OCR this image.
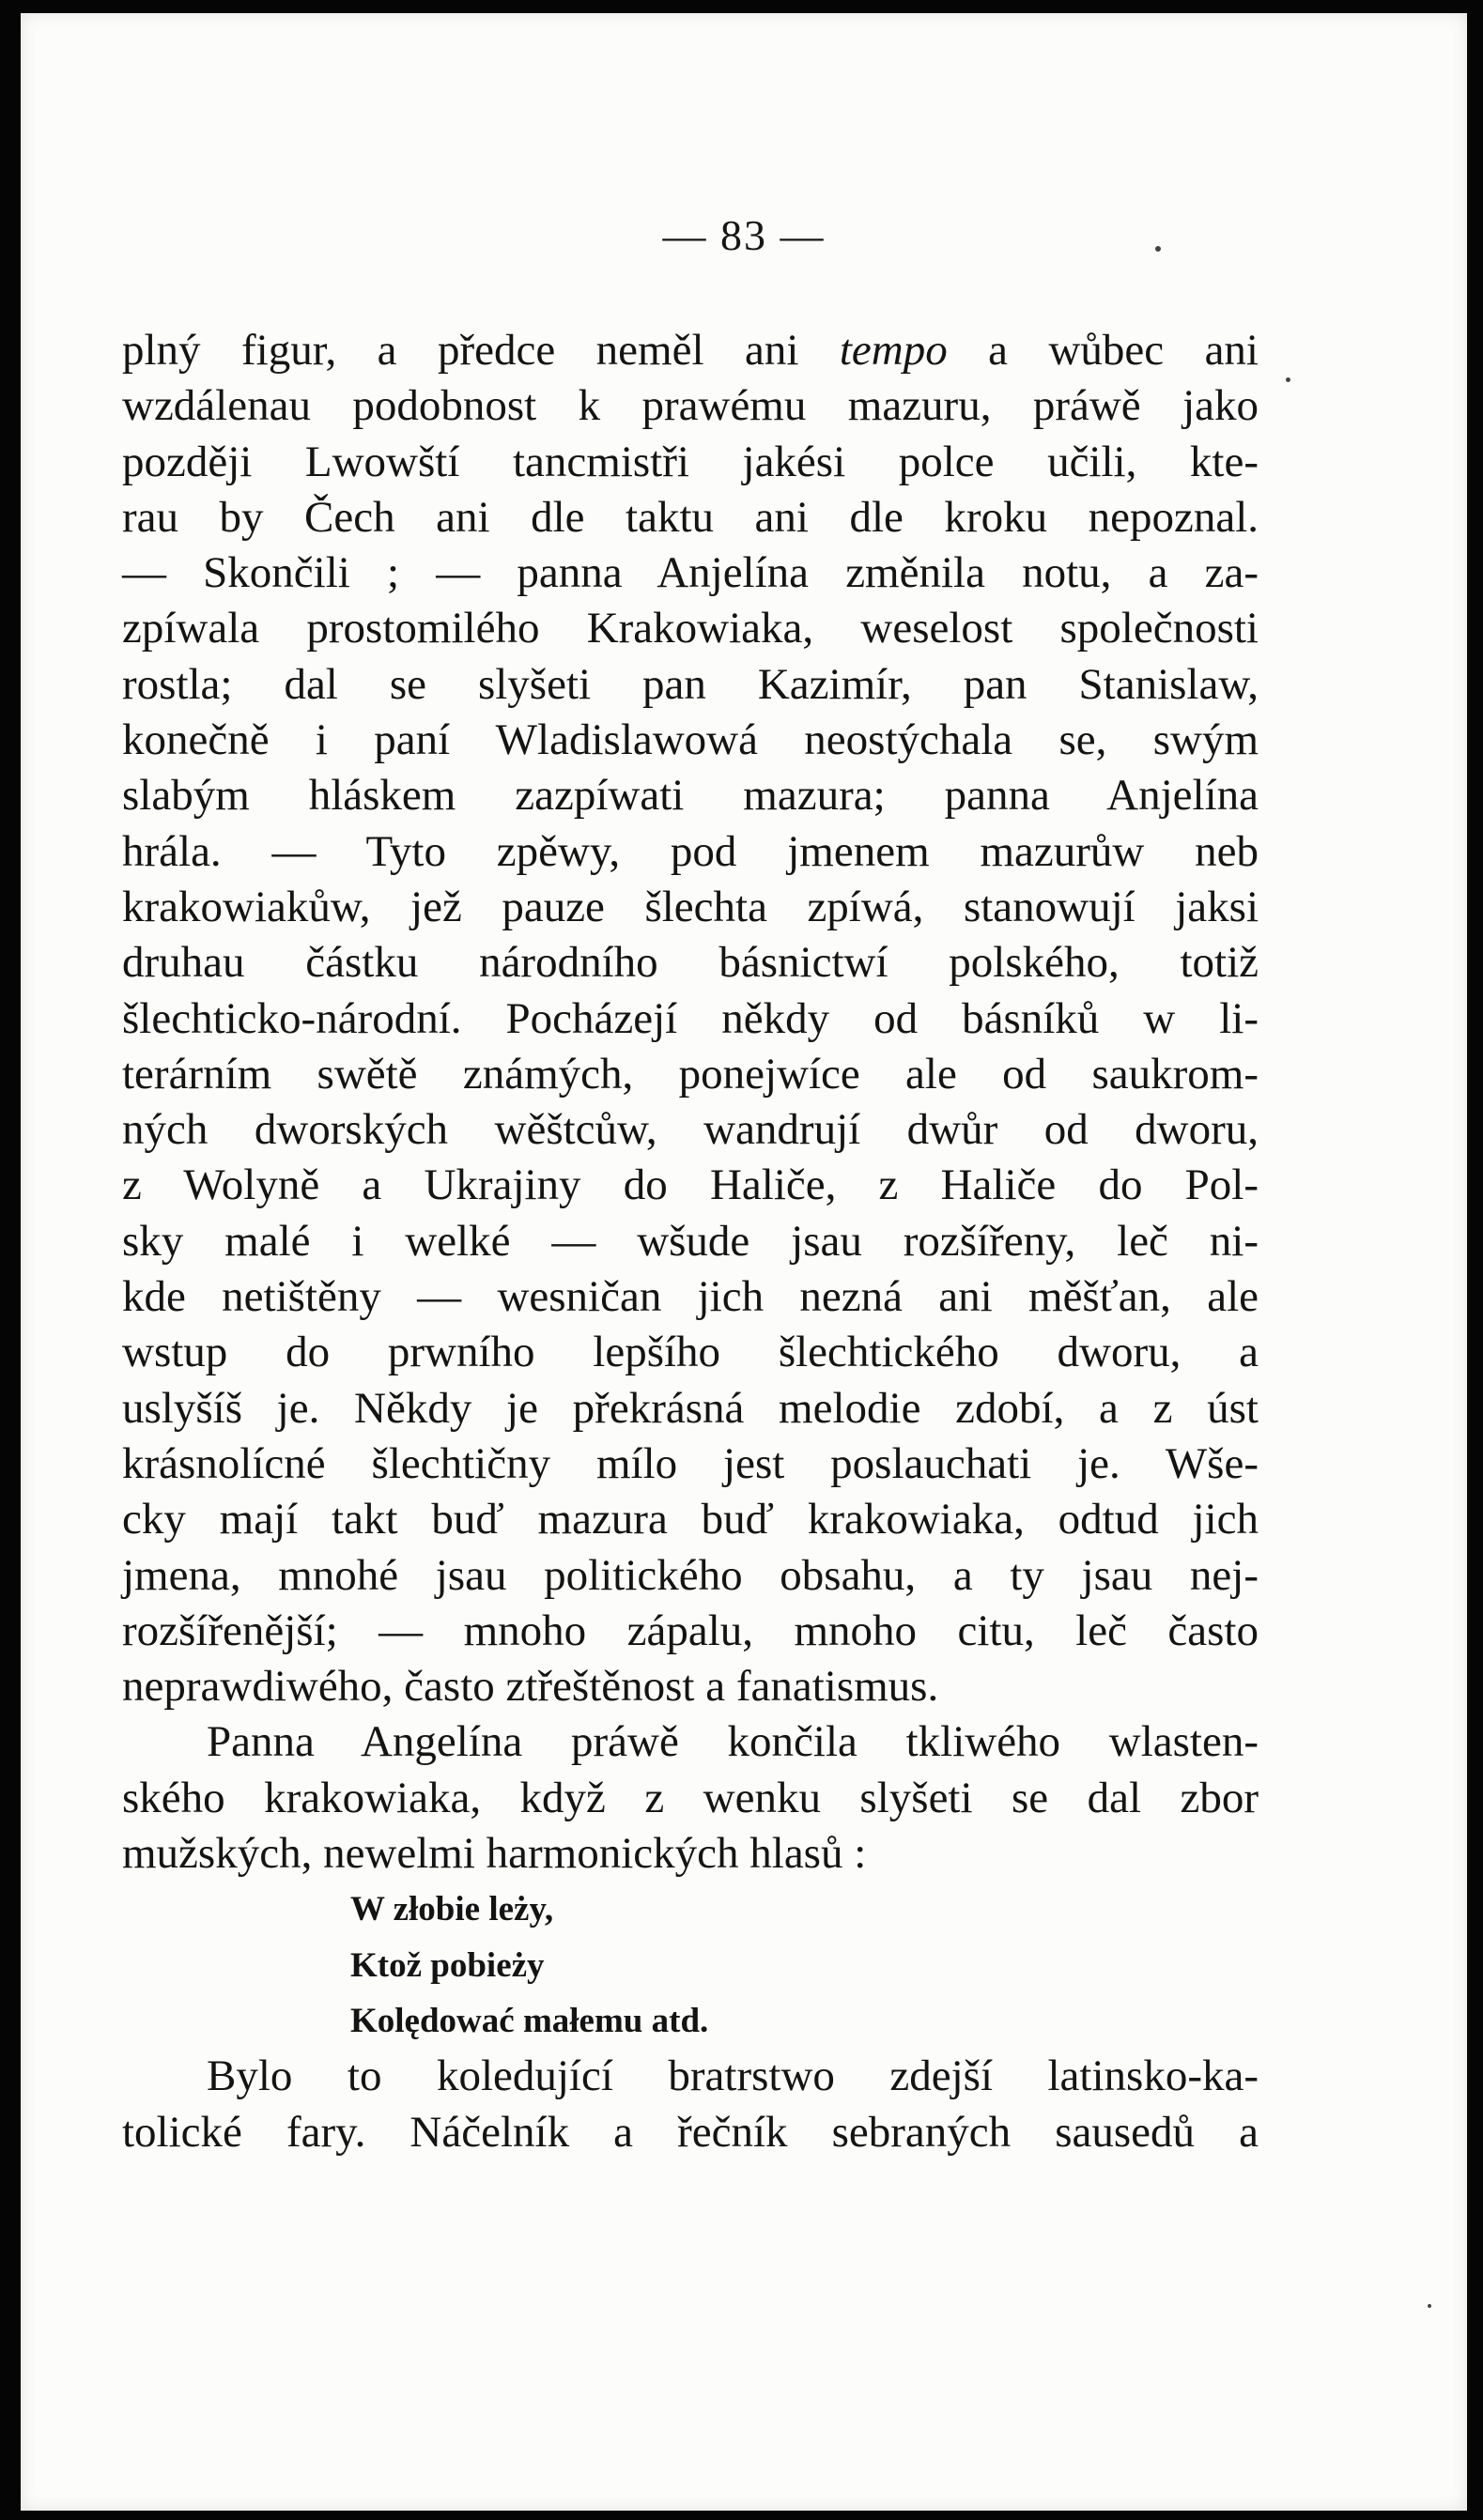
— 83 —
plný figur, a předce neměl ani tempo a wůbec ani
wzdálenau podobnost k prawému mazuru, práwě jako
později Lwowští tancmistři jakési polce učili, kte-
rau by Čech ani dle taktu ani dle kroku nepoznal.
— Skončili ; — panna Anjelína změnila notu, a za-
zpíwala prostomilého Krakowiaka, weselost společnosti
rostla; dal se slyšeti pan Kazimír, pan Stanislaw,
konečně i paní Wladislawowá neostýchala se, swým
slabým hláskem zazpíwati mazura; panna Anjelína
hrála. — Tyto zpěwy, pod jmenem mazurůw neb
krakowiakůw, jež pauze šlechta zpíwá, stanowují jaksi
druhau částku národního básnictwí polského, totiž
šlechticko-národní. Pocházejí někdy od básníků w li-
terárním swětě známých, ponejwíce ale od saukrom-
ných dworských wěštcůw, wandrují dwůr od dworu,
z Wolyně a Ukrajiny do Haliče, z Haliče do Pol-
sky malé i welké — wšude jsau rozšířeny, leč ni-
kde netištěny — wesničan jich nezná ani měšťan, ale
wstup do prwního lepšího šlechtického dworu, a
uslyšíš je. Někdy je překrásná melodie zdobí, a z úst
krásnolícné šlechtičny mílo jest poslauchati je. Wše-
cky mají takt buď mazura buď krakowiaka, odtud jich
jmena, mnohé jsau politického obsahu, a ty jsau nej-
rozšířenější; — mnoho zápalu, mnoho citu, leč často
neprawdiwého, často ztřeštěnost a fanatismus.
Panna Angelína práwě končila tkliwého wlasten-
ského krakowiaka, když z wenku slyšeti se dal zbor
mužských, newelmi harmonických hlasů :
W złobie leży,
Ktož pobieży
Kolędować małemu atd.
Bylo to koledující bratrstwo zdejší latinsko-ka-
tolické fary. Náčelník a řečník sebraných sausedů a
